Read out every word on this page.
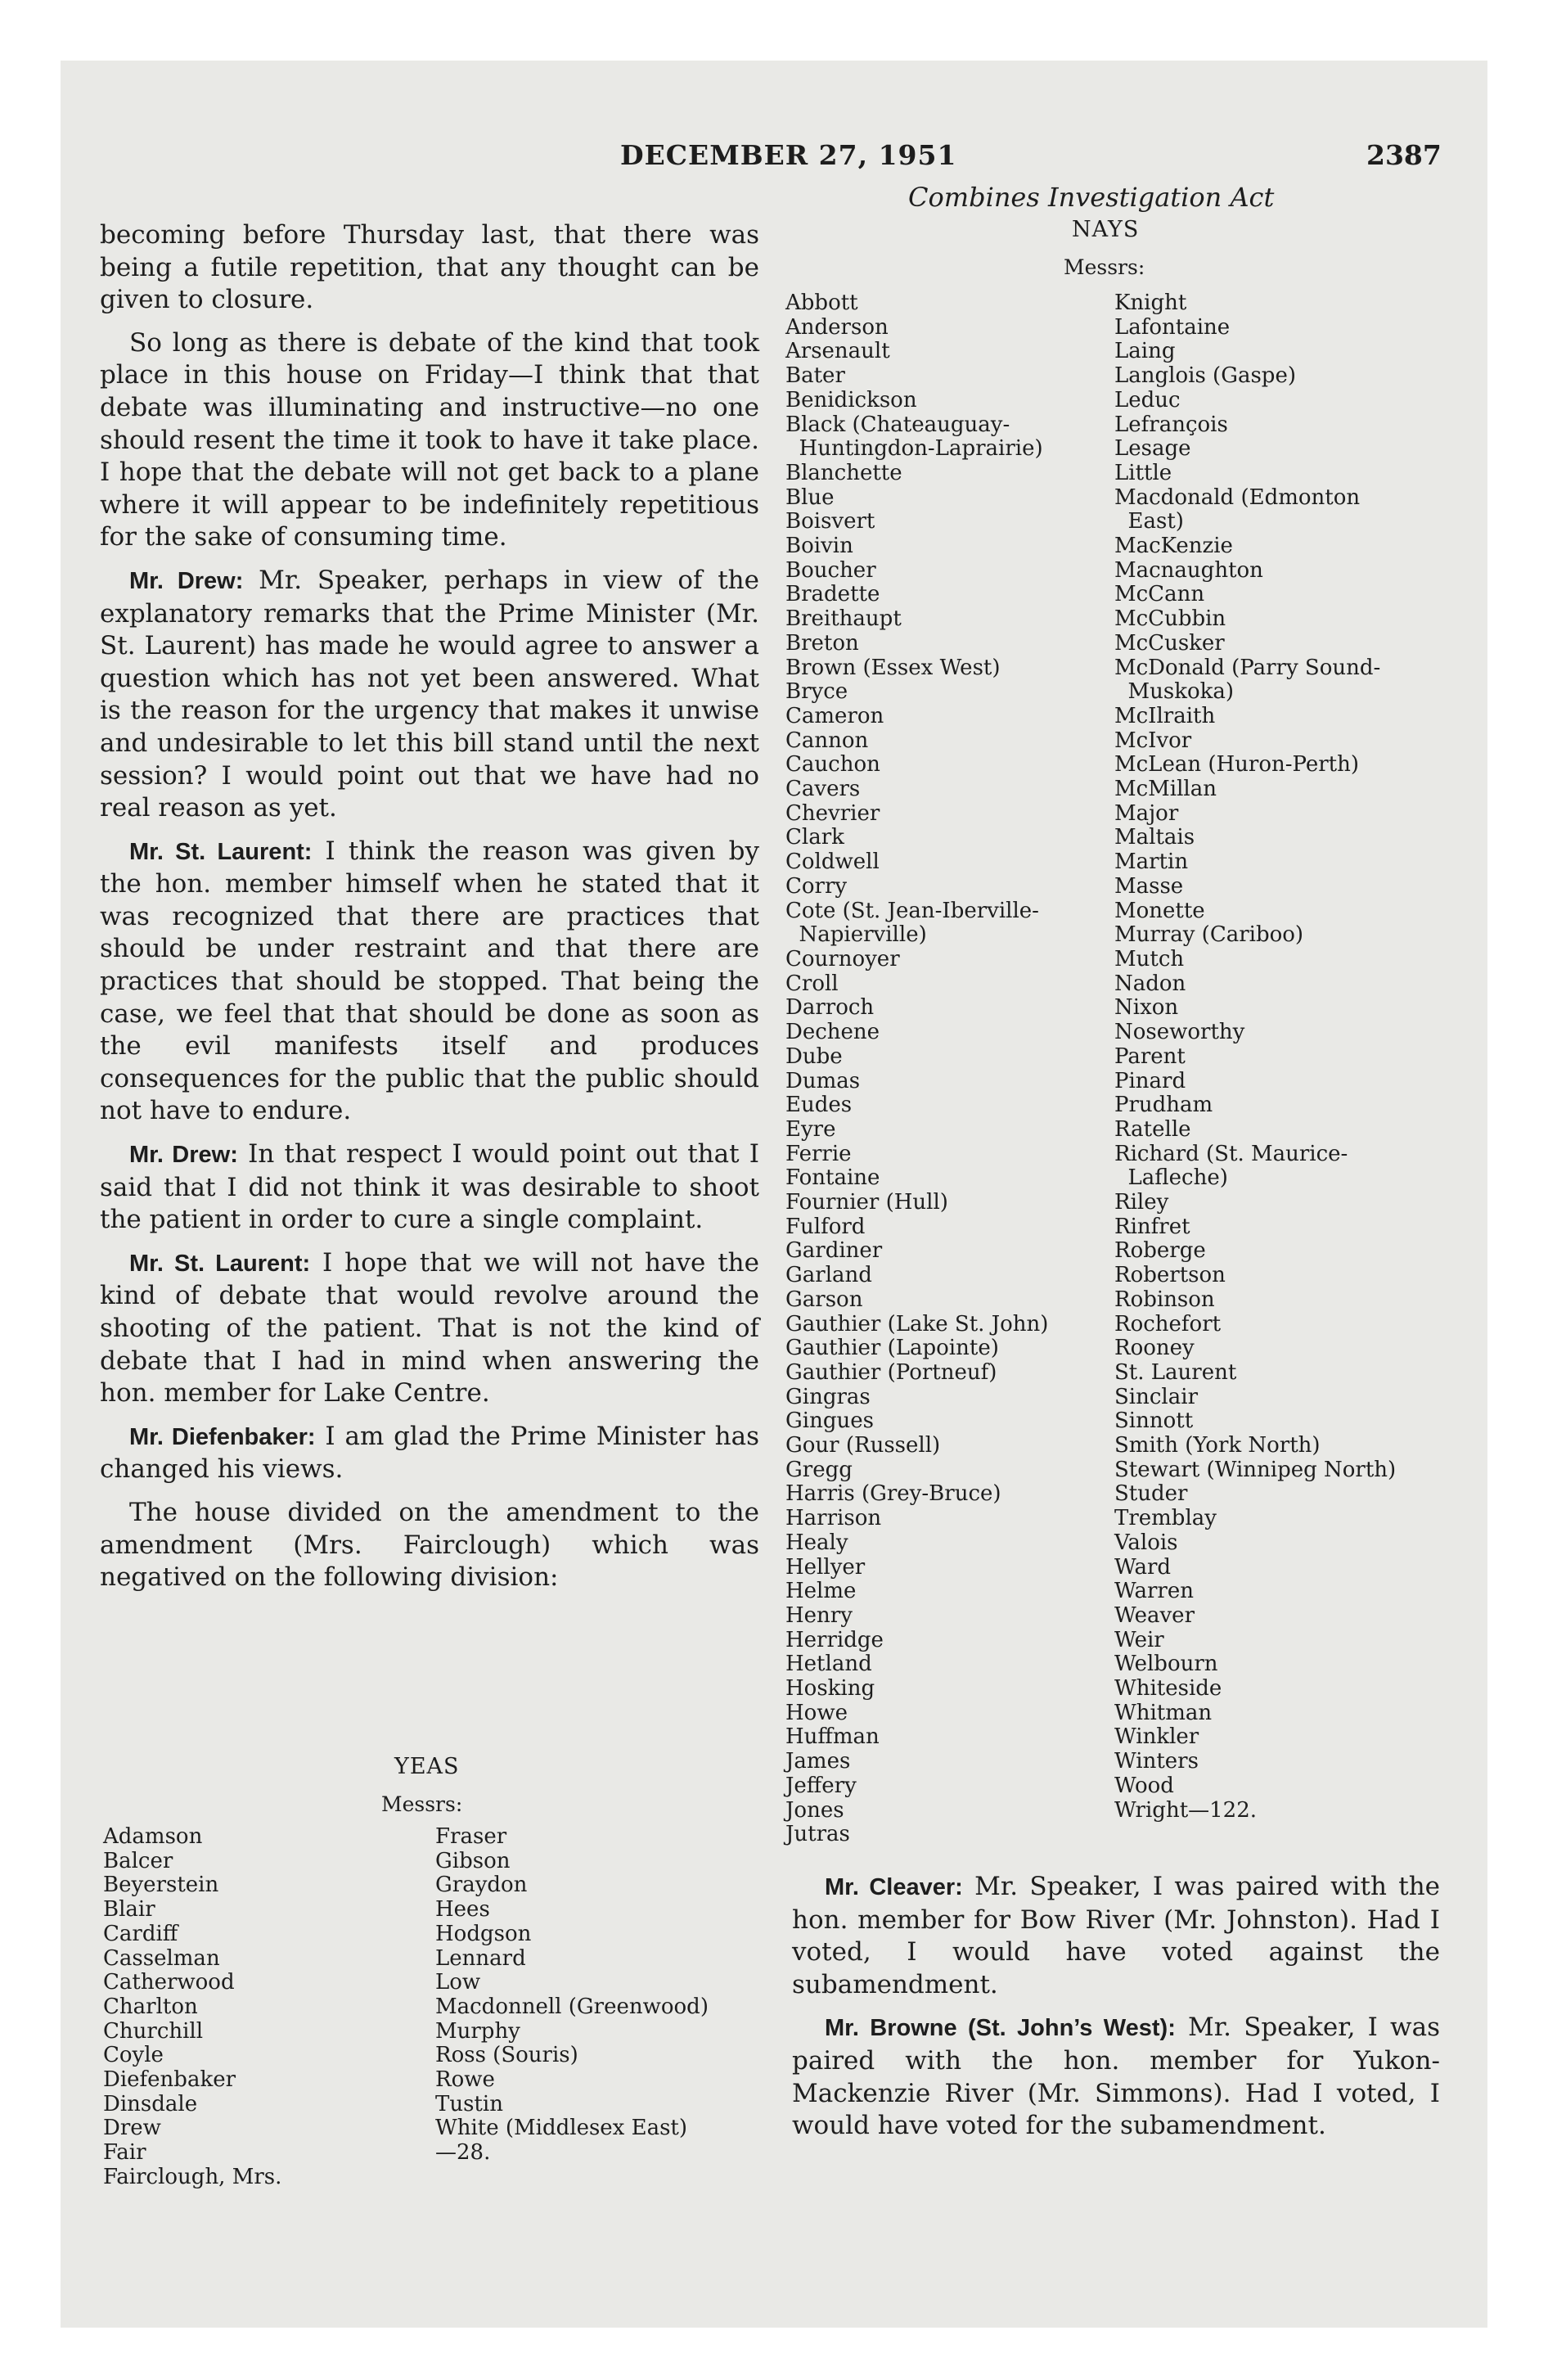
DECEMBER 27, 1951	2387
Combines Investigation Act

becoming before Thursday last, that there was being a futile repetition, that any thought can be given to closure.

So long as there is debate of the kind that took place in this house on Friday—I think that that debate was illuminating and instructive—no one should resent the time it took to have it take place. I hope that the debate will not get back to a plane where it will appear to be indefinitely repetitious for the sake of consuming time.

Mr. Drew: Mr. Speaker, perhaps in view of the explanatory remarks that the Prime Minister (Mr. St. Laurent) has made he would agree to answer a question which has not yet been answered. What is the reason for the urgency that makes it unwise and undesirable to let this bill stand until the next session? I would point out that we have had no real reason as yet.

Mr. St. Laurent: I think the reason was given by the hon. member himself when he stated that it was recognized that there are practices that should be under restraint and that there are practices that should be stopped. That being the case, we feel that that should be done as soon as the evil manifests itself and produces consequences for the public that the public should not have to endure.

Mr. Drew: In that respect I would point out that I said that I did not think it was desirable to shoot the patient in order to cure a single complaint.

Mr. St. Laurent: I hope that we will not have the kind of debate that would revolve around the shooting of the patient. That is not the kind of debate that I had in mind when answering the hon. member for Lake Centre.

Mr. Diefenbaker: I am glad the Prime Minister has changed his views.

The house divided on the amendment to the amendment (Mrs. Fairclough) which was negatived on the following division:

YEAS
Messrs:
Adamson
Balcer
Beyerstein
Blair
Cardiff
Casselman
Catherwood
Charlton
Churchill
Coyle
Diefenbaker
Dinsdale
Drew
Fair
Fairclough, Mrs.
Fraser
Gibson
Graydon
Hees
Hodgson
Lennard
Low
Macdonnell (Greenwood)
Murphy
Ross (Souris)
Rowe
Tustin
White (Middlesex East)
—28.
NAYS
Messrs:
Abbott
Anderson
Arsenault
Bater
Benidickson
Black (Chateauguay-
Huntingdon-Laprairie)
Blanchette
Blue
Boisvert
Boivin
Boucher
Bradette
Breithaupt
Breton
Brown (Essex West)
Bryce
Cameron
Cannon
Cauchon
Cavers
Chevrier
Clark
Coldwell
Corry
Cote (St. Jean-Iberville-
Napierville)
Cournoyer
Croll
Darroch
Dechene
Dube
Dumas
Eudes
Eyre
Ferrie
Fontaine
Fournier (Hull)
Fulford
Gardiner
Garland
Garson
Gauthier (Lake St. John)
Gauthier (Lapointe)
Gauthier (Portneuf)
Gingras
Gingues
Gour (Russell)
Gregg
Harris (Grey-Bruce)
Harrison
Healy
Hellyer
Helme
Henry
Herridge
Hetland
Hosking
Howe
Huffman
James
Jeffery
Jones
Jutras
Knight
Lafontaine
Laing
Langlois (Gaspe)
Leduc
Lefrançois
Lesage
Little
Macdonald (Edmonton
East)
MacKenzie
Macnaughton
McCann
McCubbin
McCusker
McDonald (Parry Sound-
Muskoka)
McIlraith
McIvor
McLean (Huron-Perth)
McMillan
Major
Maltais
Martin
Masse
Monette
Murray (Cariboo)
Mutch
Nadon
Nixon
Noseworthy
Parent
Pinard
Prudham
Ratelle
Richard (St. Maurice-
Lafleche)
Riley
Rinfret
Roberge
Robertson
Robinson
Rochefort
Rooney
St. Laurent
Sinclair
Sinnott
Smith (York North)
Stewart (Winnipeg North)
Studer
Tremblay
Valois
Ward
Warren
Weaver
Weir
Welbourn
Whiteside
Whitman
Winkler
Winters
Wood
Wright—122.

Mr. Cleaver: Mr. Speaker, I was paired with the hon. member for Bow River (Mr. Johnston). Had I voted, I would have voted against the subamendment.

Mr. Browne (St. John’s West): Mr. Speaker, I was paired with the hon. member for Yukon-Mackenzie River (Mr. Simmons). Had I voted, I would have voted for the subamendment.
